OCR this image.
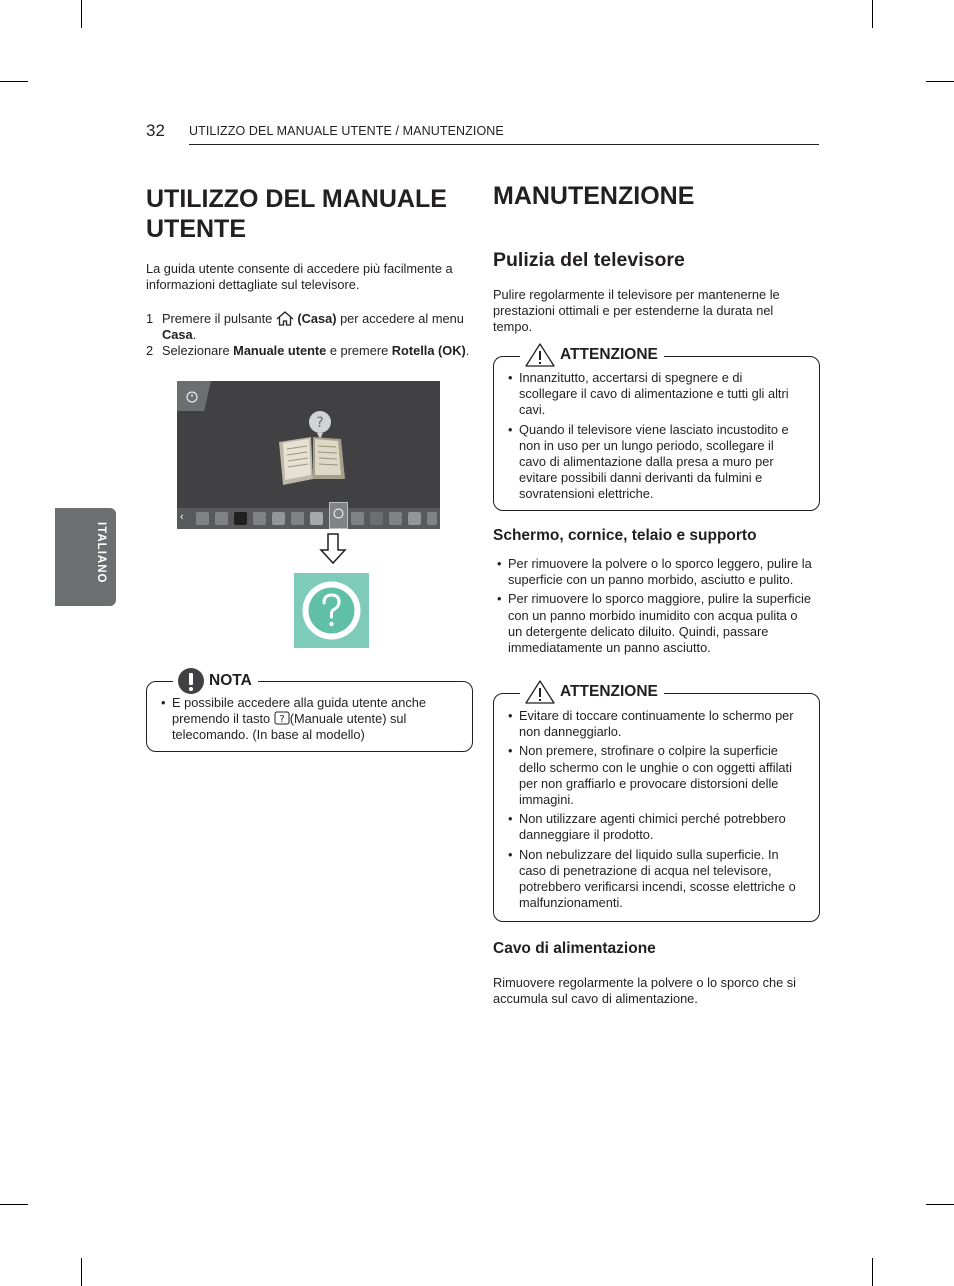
32 UTILIZZO DEL MANUALE UTENTE / MANUTENZIONE
ITALIANO
UTILIZZO DEL MANUALE
UTENTE

La guida utente consente di accedere più facilmente a informazioni dettagliate sul televisore.

1 Premere il pulsante (Casa) per accedere al menu Casa.
2 Selezionare Manuale utente e premere Rotella (OK).
?
‹
NOTA
• E possibile accedere alla guida utente anche premendo il tasto ? (Manuale utente) sul telecomando. (In base al modello)
MANUTENZIONE
Pulizia del televisore

Pulire regolarmente il televisore per mantenerne le prestazioni ottimali e per estenderne la durata nel tempo.

ATTENZIONE
• Innanzitutto, accertarsi di spegnere e di scollegare il cavo di alimentazione e tutti gli altri cavi.
• Quando il televisore viene lasciato incustodito e non in uso per un lungo periodo, scollegare il cavo di alimentazione dalla presa a muro per evitare possibili danni derivanti da fulmini e sovratensioni elettriche.
Schermo, cornice, telaio e supporto
• Per rimuovere la polvere o lo sporco leggero, pulire la superficie con un panno morbido, asciutto e pulito.
• Per rimuovere lo sporco maggiore, pulire la superficie con un panno morbido inumidito con acqua pulita o un detergente delicato diluito. Quindi, passare immediatamente un panno asciutto.
ATTENZIONE
• Evitare di toccare continuamente lo schermo per non danneggiarlo.
• Non premere, strofinare o colpire la superficie dello schermo con le unghie o con oggetti affilati per non graffiarlo e provocare distorsioni delle immagini.
• Non utilizzare agenti chimici perché potrebbero danneggiare il prodotto.
• Non nebulizzare del liquido sulla superficie. In caso di penetrazione di acqua nel televisore, potrebbero verificarsi incendi, scosse elettriche o malfunzionamenti.
Cavo di alimentazione

Rimuovere regolarmente la polvere o lo sporco che si accumula sul cavo di alimentazione.
